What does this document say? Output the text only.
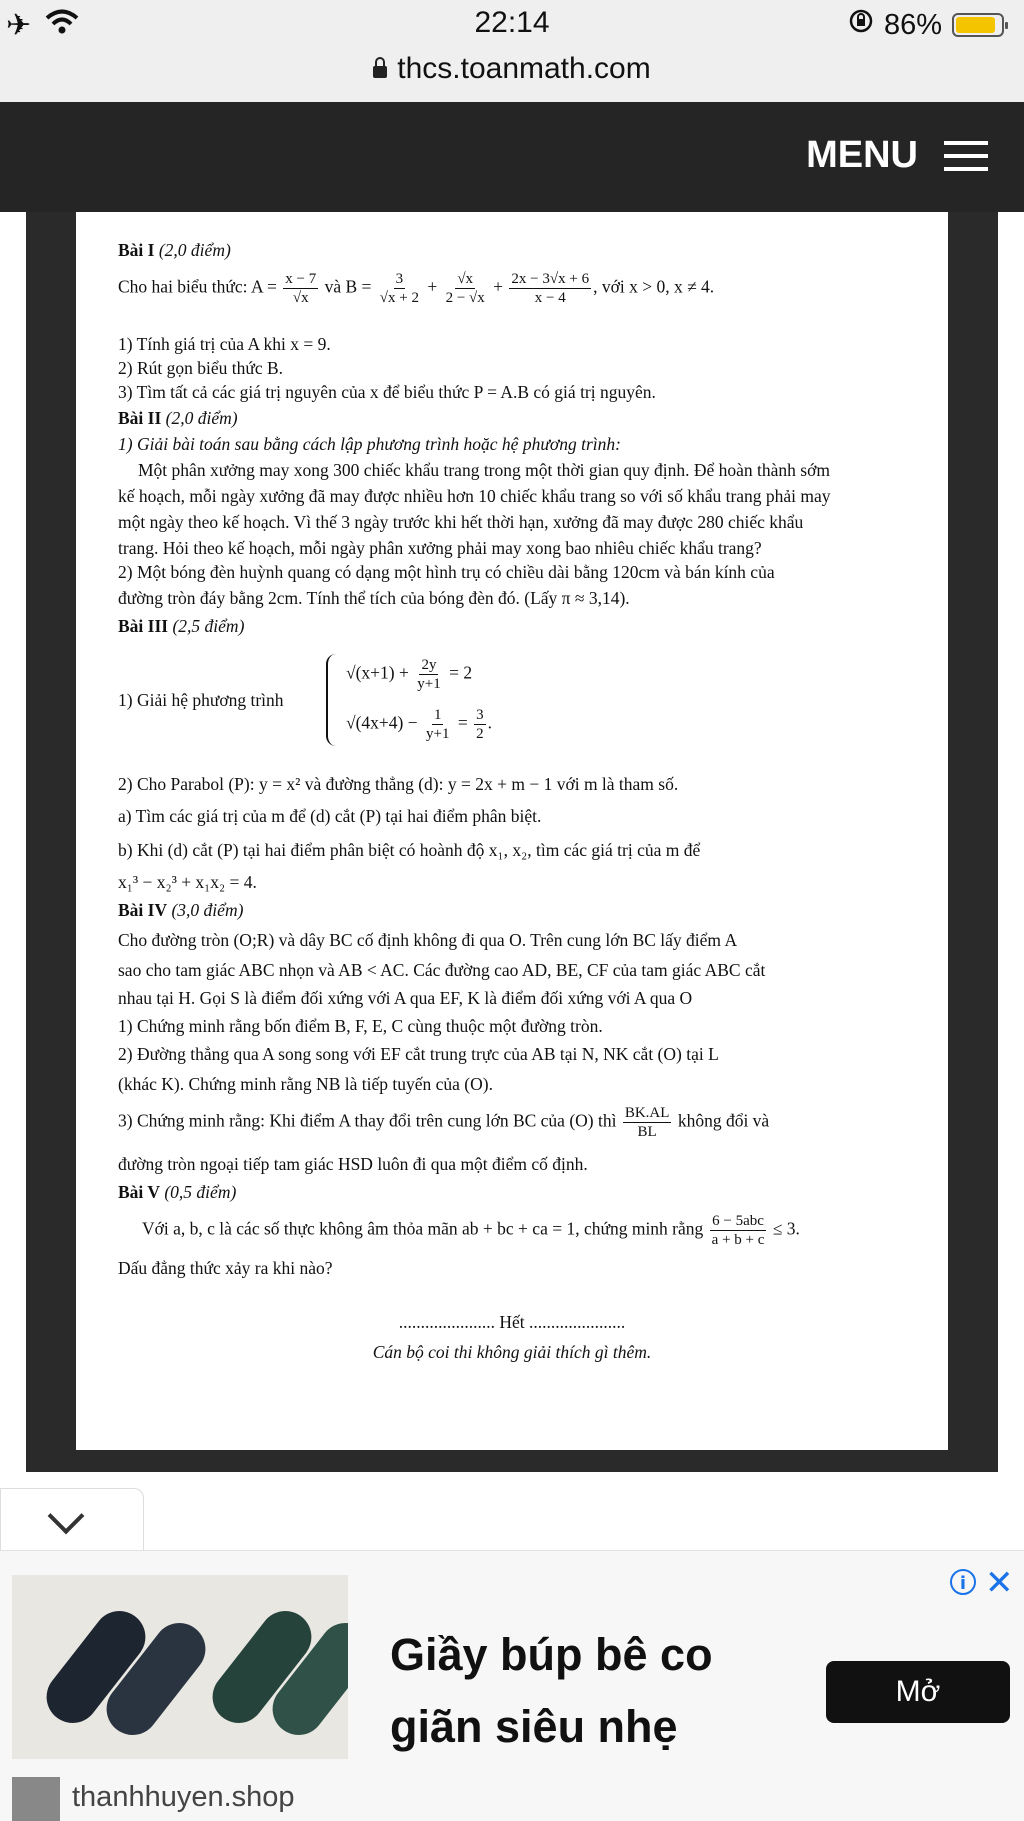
✈	22:14	86%
thcs.toanmath.com
MENU
Bài I (2,0 điểm)
Cho hai biểu thức: $A = \frac{x - 7}{√x}$ và $B = \frac{3}{√x + 2} + \frac{√x}{2 - √x} + \frac{2x - 3√x + 6}{x - 4}$ , với x > 0, x ≠ 4.
1) Tính giá trị của A khi x = 9.
2) Rút gọn biểu thức B.
3) Tìm tất cả các giá trị nguyên của x để biểu thức P = A.B có giá trị nguyên.
Bài II (2,0 điểm)
1) Giải bài toán sau bằng cách lập phương trình hoặc hệ phương trình:
Một phân xưởng may xong 300 chiếc khẩu trang trong một thời gian quy định. Để hoàn thành sớm
kế hoạch, mỗi ngày xưởng đã may được nhiều hơn 10 chiếc khẩu trang so với số khẩu trang phải may
một ngày theo kế hoạch. Vì thế 3 ngày trước khi hết thời hạn, xưởng đã may được 280 chiếc khẩu
trang. Hỏi theo kế hoạch, mỗi ngày phân xưởng phải may xong bao nhiêu chiếc khẩu trang?
2) Một bóng đèn huỳnh quang có dạng một hình trụ có chiều dài bằng 120cm và bán kính của
đường tròn đáy bằng 2cm. Tính thể tích của bóng đèn đó. (Lấy π ≈ 3,14).
Bài III (2,5 điểm)
1) Giải hệ phương trình
$√(x+1) + \frac{2y}{y+1} = 2$
$√(4x+4) - \frac{1}{y+1} = \frac{3}{2}$ .
2) Cho Parabol (P): y = x² và đường thẳng (d): y = 2x + m − 1 với m là tham số.
a) Tìm các giá trị của m để (d) cắt (P) tại hai điểm phân biệt.
b) Khi (d) cắt (P) tại hai điểm phân biệt có hoành độ x₁, x₂, tìm các giá trị của m để
x₁³ − x₂³ + x₁x₂ = 4.
Bài IV (3,0 điểm)
Cho đường tròn (O;R) và dây BC cố định không đi qua O. Trên cung lớn BC lấy điểm A
sao cho tam giác ABC nhọn và AB < AC. Các đường cao AD, BE, CF của tam giác ABC cắt
nhau tại H. Gọi S là điểm đối xứng với A qua EF, K là điểm đối xứng với A qua O
1) Chứng minh rằng bốn điểm B, F, E, C cùng thuộc một đường tròn.
2) Đường thẳng qua A song song với EF cắt trung trực của AB tại N, NK cắt (O) tại L
(khác K). Chứng minh rằng NB là tiếp tuyến của (O).
3) Chứng minh rằng: Khi điểm A thay đổi trên cung lớn BC của (O) thì $\frac{BK.AL}{BL}$ không đổi và
đường tròn ngoại tiếp tam giác HSD luôn đi qua một điểm cố định.
Bài V (0,5 điểm)
Với a, b, c là các số thực không âm thỏa mãn ab + bc + ca = 1, chứng minh rằng $\frac{\text{6 − 5abc}}{a + b + c} \le 3$.
Dấu đẳng thức xảy ra khi nào?
...................... Hết ......................
Cán bộ coi thi không giải thích gì thêm.
i ✕
Giầy búp bê co
giãn siêu nhẹ
Mở
thanhhuyen.shop
